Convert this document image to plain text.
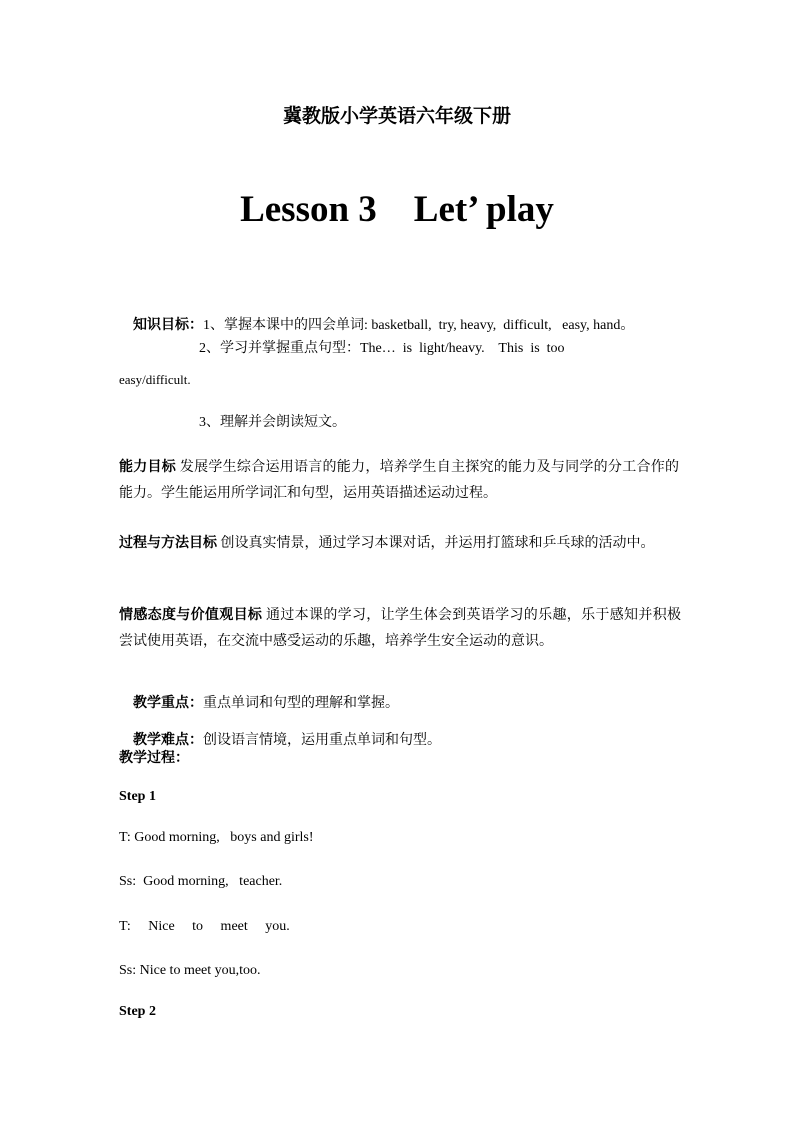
冀教版小学英语六年级下册
Lesson 3    Let’ play

知识目标：1、掌握本课中的四会单词: basketball,  try, heavy,  difficult,   easy, hand。

2、学习并掌握重点句型：The…  is  light/heavy.    This  is  too
easy/difficult.
3、理解并会朗读短文。
能力目标 发展学生综合运用语言的能力，培养学生自主探究的能力及与同学的分工合作的能力。学生能运用所学词汇和句型，运用英语描述运动过程。
过程与方法目标 创设真实情景，通过学习本课对话，并运用打篮球和乒乓球的活动中。
情感态度与价值观目标 通过本课的学习，让学生体会到英语学习的乐趣，乐于感知并积极尝试使用英语，在交流中感受运动的乐趣，培养学生安全运动的意识。

教学重点：重点单词和句型的理解和掌握。

教学难点：创设语言情境，运用重点单词和句型。

教学过程：
Step 1
T: Good morning,   boys and girls!
Ss:  Good morning,   teacher.
T:     Nice     to     meet     you.
Ss: Nice to meet you,too.
Step 2
